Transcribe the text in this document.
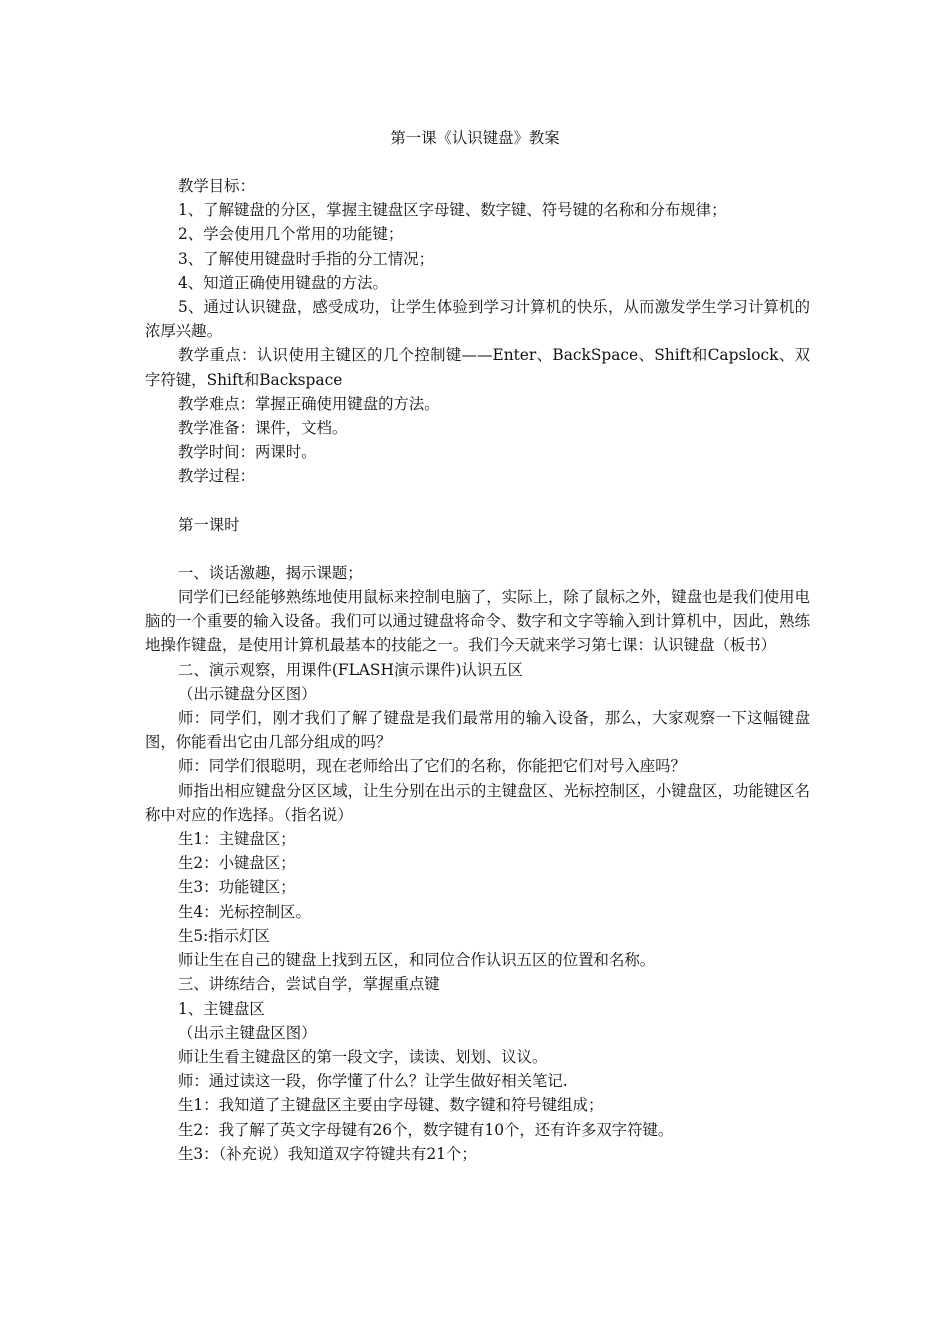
第一课《认识键盘》教案

教学目标：

1、了解键盘的分区，掌握主键盘区字母键、数字键、符号键的名称和分布规律；

2、学会使用几个常用的功能键；

3、了解使用键盘时手指的分工情况；

4、知道正确使用键盘的方法。

5、通过认识键盘，感受成功，让学生体验到学习计算机的快乐，从而激发学生学习计算机的浓厚兴趣。

教学重点：认识使用主键区的几个控制键——Enter、BackSpace、Shift和Capslock、双字符键，Shift和Backspace

教学难点：掌握正确使用键盘的方法。

教学准备：课件，文档。

教学时间：两课时。

教学过程：

第一课时

一、谈话激趣，揭示课题；

同学们已经能够熟练地使用鼠标来控制电脑了，实际上，除了鼠标之外，键盘也是我们使用电脑的一个重要的输入设备。我们可以通过键盘将命令、数字和文字等输入到计算机中，因此，熟练地操作键盘，是使用计算机最基本的技能之一。我们今天就来学习第七课：认识键盘（板书）

二、演示观察，用课件(FLASH演示课件)认识五区

（出示键盘分区图）

师：同学们，刚才我们了解了键盘是我们最常用的输入设备，那么，大家观察一下这幅键盘图，你能看出它由几部分组成的吗？

师：同学们很聪明，现在老师给出了它们的名称，你能把它们对号入座吗？

师指出相应键盘分区区域，让生分别在出示的主键盘区、光标控制区，小键盘区，功能键区名称中对应的作选择。（指名说）

生1：主键盘区；

生2：小键盘区；

生3：功能键区；

生4：光标控制区。

生5:指示灯区

师让生在自己的键盘上找到五区，和同位合作认识五区的位置和名称。

三、讲练结合，尝试自学，掌握重点键

1、主键盘区

（出示主键盘区图）

师让生看主键盘区的第一段文字，读读、划划、议议。

师：通过读这一段，你学懂了什么？让学生做好相关笔记.

生1：我知道了主键盘区主要由字母键、数字键和符号键组成；

生2：我了解了英文字母键有26个，数字键有10个，还有许多双字符键。

生3：（补充说）我知道双字符键共有21个；
